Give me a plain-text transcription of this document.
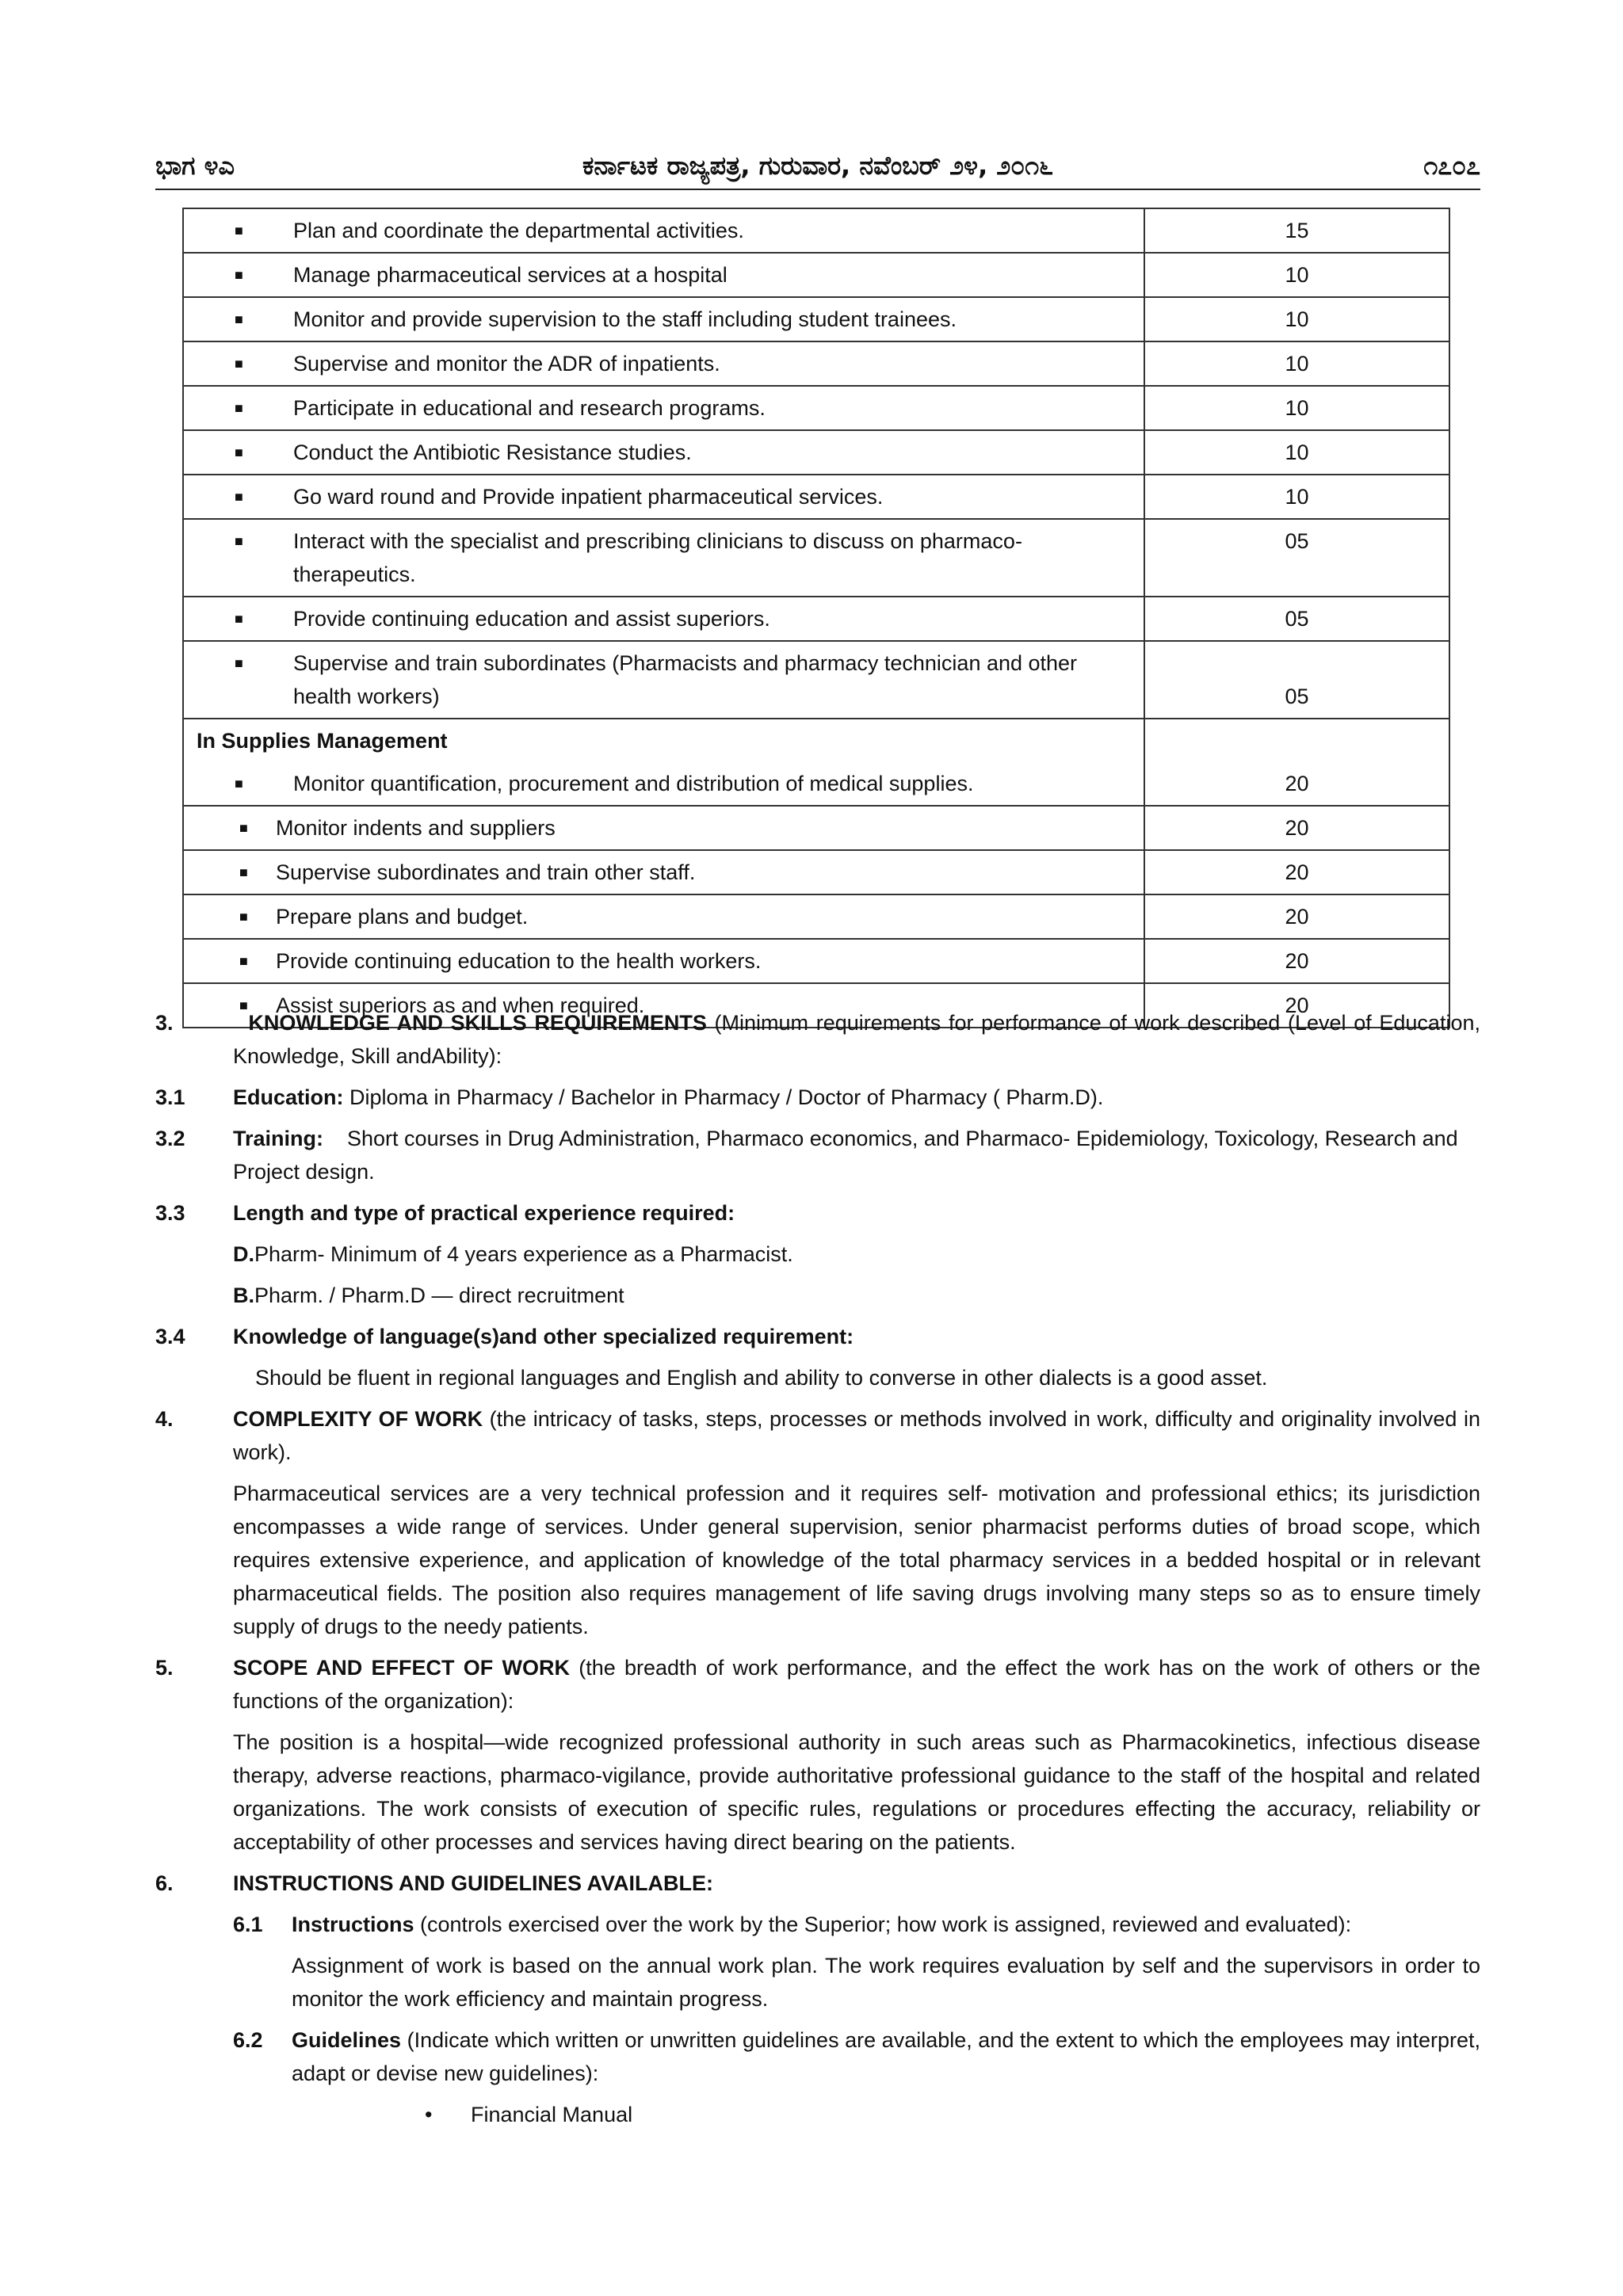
ಭಾಗ ೪ಎ	ಕರ್ನಾಟಕ ರಾಜ್ಯಪತ್ರ, ಗುರುವಾರ, ನವೆಂಬರ್ ೨೪, ೨೦೧೬	೧೭೦೭
■ Plan and coordinate the departmental activities.	15

■ Manage pharmaceutical services at a hospital	10

■ Monitor and provide supervision to the staff including student trainees.	10

■ Supervise and monitor the ADR of inpatients.	10

■ Participate in educational and research programs.	10

■ Conduct the Antibiotic Resistance studies.	10

■ Go ward round and Provide inpatient pharmaceutical services.	10

■ Interact with the specialist and prescribing clinicians to discuss on pharmaco-therapeutics.	05

■ Provide continuing education and assist superiors.	05

■ Supervise and train subordinates (Pharmacists and pharmacy technician and other health workers)	05
In Supplies Management	

■ Monitor quantification, procurement and distribution of medical supplies.	20

■ Monitor indents and suppliers	20

■ Supervise subordinates and train other staff.	20

■ Prepare plans and budget.	20

■ Provide continuing education to the health workers.	20

■ Assist superiors as and when required.	20
3.	KNOWLEDGE AND SKILLS REQUIREMENTS (Minimum requirements for performance of work described (Level of Education, Knowledge, Skill andAbility):
3.1	Education: Diploma in Pharmacy / Bachelor in Pharmacy / Doctor of Pharmacy ( Pharm.D).
3.2	Training: Short courses in Drug Administration, Pharmaco economics, and Pharmaco- Epidemiology, Toxicology, Research and Project design.
3.3	Length and type of practical experience required:
D.Pharm- Minimum of 4 years experience as a Pharmacist.
B.Pharm. / Pharm.D — direct recruitment
3.4	Knowledge of language(s)and other specialized requirement:
Should be fluent in regional languages and English and ability to converse in other dialects is a good asset.
4.	COMPLEXITY OF WORK (the intricacy of tasks, steps, processes or methods involved in work, difficulty and originality involved in work).
Pharmaceutical services are a very technical profession and it requires self- motivation and professional ethics; its jurisdiction encompasses a wide range of services. Under general supervision, senior pharmacist performs duties of broad scope, which requires extensive experience, and application of knowledge of the total pharmacy services in a bedded hospital or in relevant pharmaceutical fields. The position also requires management of life saving drugs involving many steps so as to ensure timely supply of drugs to the needy patients.
5.	SCOPE AND EFFECT OF WORK (the breadth of work performance, and the effect the work has on the work of others or the functions of the organization):
The position is a hospital—wide recognized professional authority in such areas such as Pharmacokinetics, infectious disease therapy, adverse reactions, pharmaco-vigilance, provide authoritative professional guidance to the staff of the hospital and related organizations. The work consists of execution of specific rules, regulations or procedures effecting the accuracy, reliability or acceptability of other processes and services having direct bearing on the patients.
6.	INSTRUCTIONS AND GUIDELINES AVAILABLE:
6.1	Instructions (controls exercised over the work by the Superior; how work is assigned, reviewed and evaluated):
Assignment of work is based on the annual work plan. The work requires evaluation by self and the supervisors in order to monitor the work efficiency and maintain progress.
6.2	Guidelines (Indicate which written or unwritten guidelines are available, and the extent to which the employees may interpret, adapt or devise new guidelines):
•	Financial Manual
